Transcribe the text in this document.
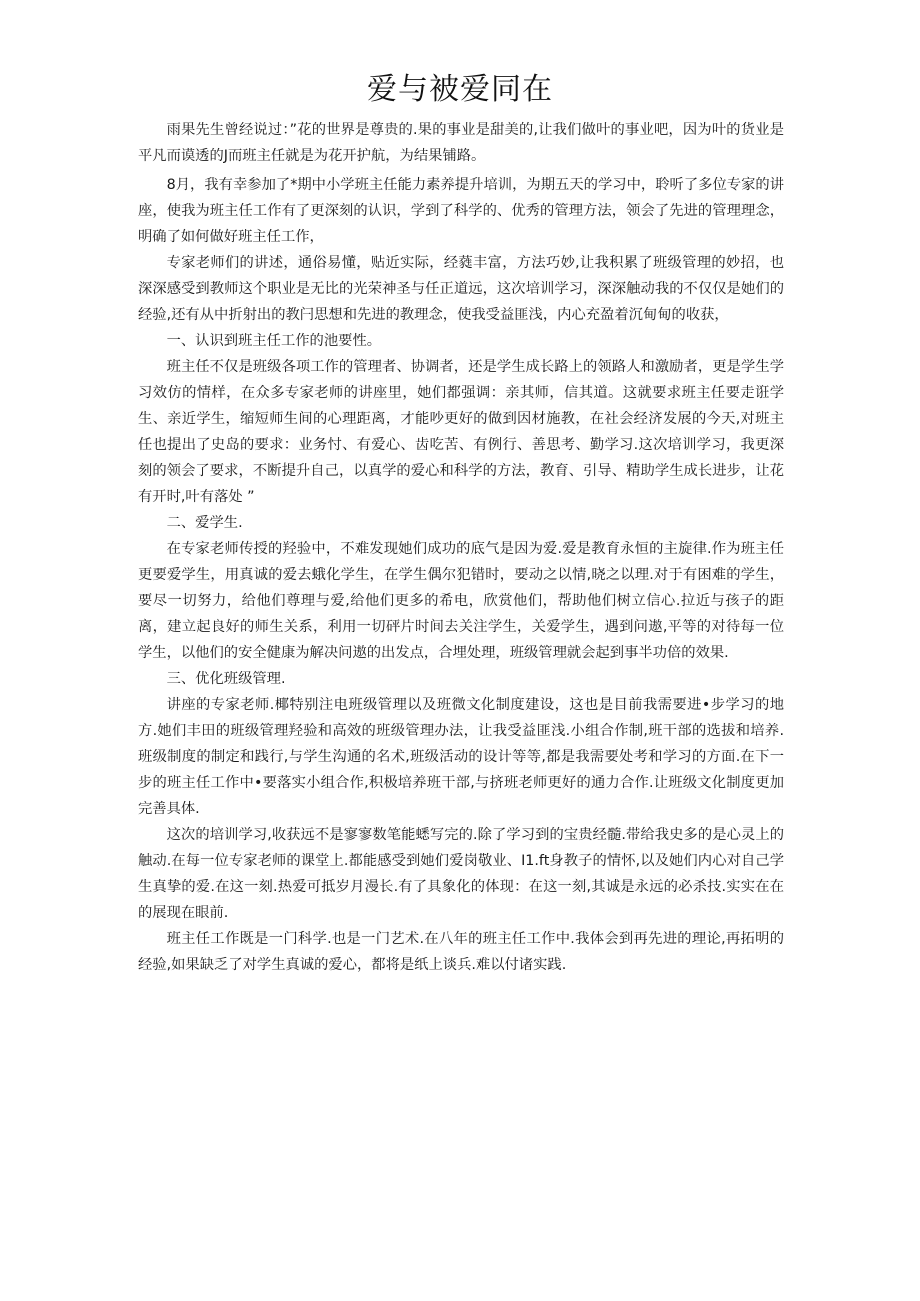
爱与被爱同在

雨果先生曾经说过：”花的世界是尊贵的.果的事业是甜美的,让我们做叶的事业吧，因为叶的货业是平凡而谟透的J而班主任就是为花开护航，为结果铺路。

8月，我有幸参加了*期中小学班主任能力素养提升培训，为期五天的学习中，聆听了多位专家的讲座，使我为班主任工作有了更深刻的认识，学到了科学的、优秀的管理方法，领会了先进的管理理念，明确了如何做好班主任工作，

专家老师们的讲述，通俗易懂，贴近实际，经蕤丰富，方法巧妙,让我积累了班级管理的妙招，也深深感受到教师这个职业是无比的光荣神圣与任正道远，这次培训学习，深深触动我的不仅仅是她们的经验,还有从中折射出的教闩思想和先进的教理念，使我受益匪浅，内心充盈着沉甸甸的收获，

一、认识到班主任工作的池要性。

班主任不仅是班级各项工作的管理者、协调者，还是学生成长路上的领路人和激励者，更是学生学习效仿的情样，在众多专家老师的讲座里，她们都强调：亲其师，信其道。这就要求班主任要走诳学生、亲近学生，缩短师生间的心理距离，才能吵更好的做到因材施教，在社会经济发展的今天,对班主任也提出了史岛的要求：业务忖、有爱心、齿吃苦、有例行、善思考、勤学习.这次培训学习，我更深刻的领会了要求，不断提升自己，以真学的爱心和科学的方法，教育、引导、精助学生成长进步，让花有开时,叶有落处 ”

二、爱学生.

在专家老师传授的羟验中，不难发现她们成功的底气是因为爱.爱是教育永恒的主旋律.作为班主任更要爱学生，用真诚的爱去蛾化学生，在学生偶尔犯错时，要动之以情,晓之以理.对于有困难的学生，要尽一切努力，给他们尊理与爱,给他们更多的希电，欣赏他们，帮助他们树立信心.拉近与孩子的距离，建立起良好的师生关系，利用一切砰片时间去关注学生，关爱学生，遇到问遨,平等的对待每一位学生，以他们的安全健康为解决问遨的出发点，合埋处理，班级管理就会起到事半功倍的效果.

三、优化班级管理.

讲座的专家老师.椰特别注电班级管理以及班微文化制度建设，这也是目前我需要进•步学习的地方.她们丰田的班级管理羟验和高效的班级管理办法，让我受益匪浅.小组合作制,班干部的选拔和培养.班级制度的制定和践行,与学生沟通的名术,班级活动的设计等等,都是我需要处考和学习的方面.在下一步的班主任工作中•要落实小组合作,积极培养班干部,与挤班老师更好的通力合作.让班级文化制度更加完善具体.

这次的培训学习,收获远不是寥寥数笔能蟋写完的.除了学习到的宝贵经髓.带给我史多的是心灵上的触动.在每一位专家老师的课堂上.都能感受到她们爱岗敬业、I1.ft身教子的情怀,以及她们内心对自己学生真挚的爱.在这一刻.热爱可抵岁月漫长.有了具象化的体现：在这一刻,其诚是永远的必杀技.实实在在的展现在眼前.

班主任工作既是一门科学.也是一门艺术.在八年的班主任工作中.我体会到再先进的理论,再拓明的经验,如果缺乏了对学生真诚的爱心，都将是纸上谈兵.难以付诸实践.
